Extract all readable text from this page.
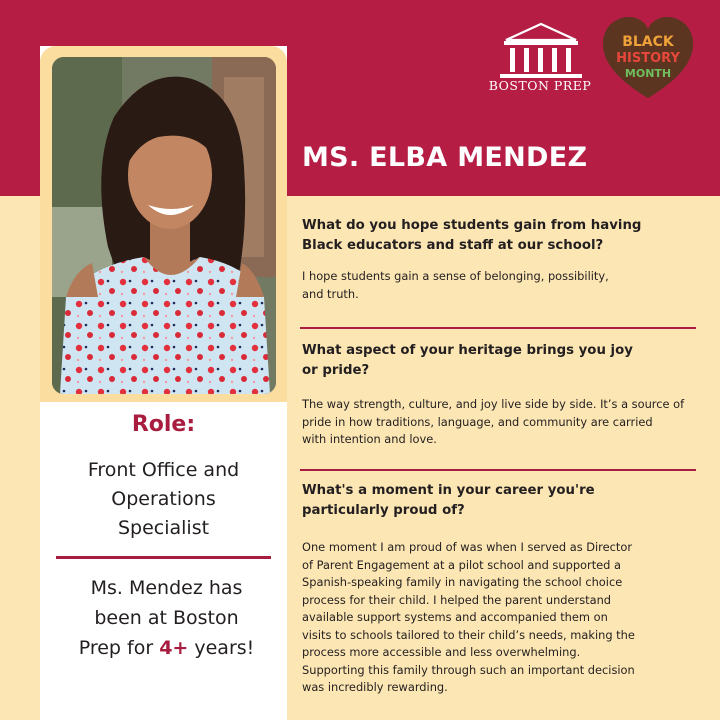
Role:
Front Office and
Operations
Specialist
Ms. Mendez has
been at Boston
Prep for 4+ years!
BOSTON PREP
BLACK
HISTORY
MONTH
MS. ELBA MENDEZ
What do you hope students gain from having
Black educators and staff at our school?
I hope students gain a sense of belonging, possibility,
and truth.
What aspect of your heritage brings you joy
or pride?
The way strength, culture, and joy live side by side. It’s a source of
pride in how traditions, language, and community are carried
with intention and love.
What's a moment in your career you're
particularly proud of?
One moment I am proud of was when I served as Director
of Parent Engagement at a pilot school and supported a
Spanish-speaking family in navigating the school choice
process for their child. I helped the parent understand
available support systems and accompanied them on
visits to schools tailored to their child’s needs, making the
process more accessible and less overwhelming.
Supporting this family through such an important decision
was incredibly rewarding.
